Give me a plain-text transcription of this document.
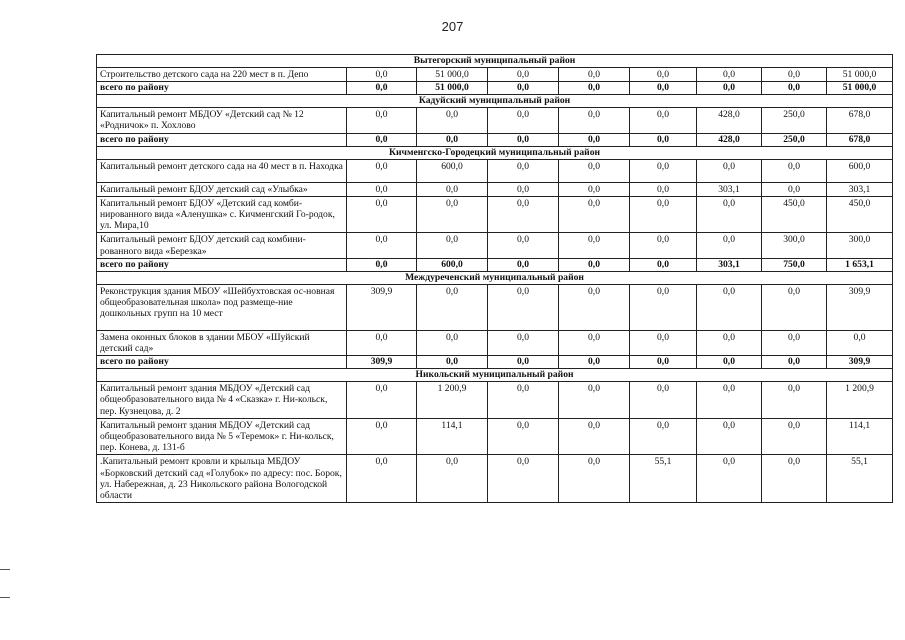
207
Вытегорский муниципальный район								
Строительство детского сада на 220 мест в п. Депо	0,0	51 000,0	0,0	0,0	0,0	0,0	0,0	51 000,0
всего по району	0,0	51 000,0	0,0	0,0	0,0	0,0	0,0	51 000,0
Кадуйский муниципальный район								
Капитальный ремонт МБДОУ «Детский сад № 12 «Родничок» п. Хохлово	0,0	0,0	0,0	0,0	0,0	428,0	250,0	678,0
всего по району	0,0	0,0	0,0	0,0	0,0	428,0	250,0	678,0
Кичменгско-Городецкий муниципальный район								
Капитальный ремонт детского сада на 40 мест в п. Находка	0,0	600,0	0,0	0,0	0,0	0,0	0,0	600,0
Капитальный ремонт БДОУ детский сад «Улыбка»	0,0	0,0	0,0	0,0	0,0	303,1	0,0	303,1
Капитальный ремонт БДОУ «Детский сад комби-нированного вида «Аленушка» с. Кичменгский Го-родок, ул. Мира,10	0,0	0,0	0,0	0,0	0,0	0,0	450,0	450,0
Капитальный ремонт БДОУ детский сад комбини-рованного вида «Березка»	0,0	0,0	0,0	0,0	0,0	0,0	300,0	300,0
всего по району	0,0	600,0	0,0	0,0	0,0	303,1	750,0	1 653,1
Междуреченский муниципальный район								
Реконструкция здания МБОУ «Шейбухтовская ос-новная общеобразовательная школа» под размеще-ние дошкольных групп на 10 мест	309,9	0,0	0,0	0,0	0,0	0,0	0,0	309,9
Замена оконных блоков в здании МБОУ «Шуйский детский сад»	0,0	0,0	0,0	0,0	0,0	0,0	0,0	0,0
всего по району	309,9	0,0	0,0	0,0	0,0	0,0	0,0	309,9
Никольский муниципальный район								
Капитальный ремонт здания МБДОУ «Детский сад общеобразовательного вида № 4 «Сказка» г. Ни-кольск, пер. Кузнецова, д. 2	0,0	1 200,9	0,0	0,0	0,0	0,0	0,0	1 200,9
Капитальный ремонт здания МБДОУ «Детский сад общеобразовательного вида № 5 «Теремок» г. Ни-кольск, пер. Конева, д. 131-б	0,0	114,1	0,0	0,0	0,0	0,0	0,0	114,1
.Капитальный ремонт кровли и крыльца МБДОУ «Борковский детский сад «Голубок» по адресу: пос. Борок, ул. Набережная, д. 23 Никольского района Вологодской области	0,0	0,0	0,0	0,0	55,1	0,0	0,0	55,1
